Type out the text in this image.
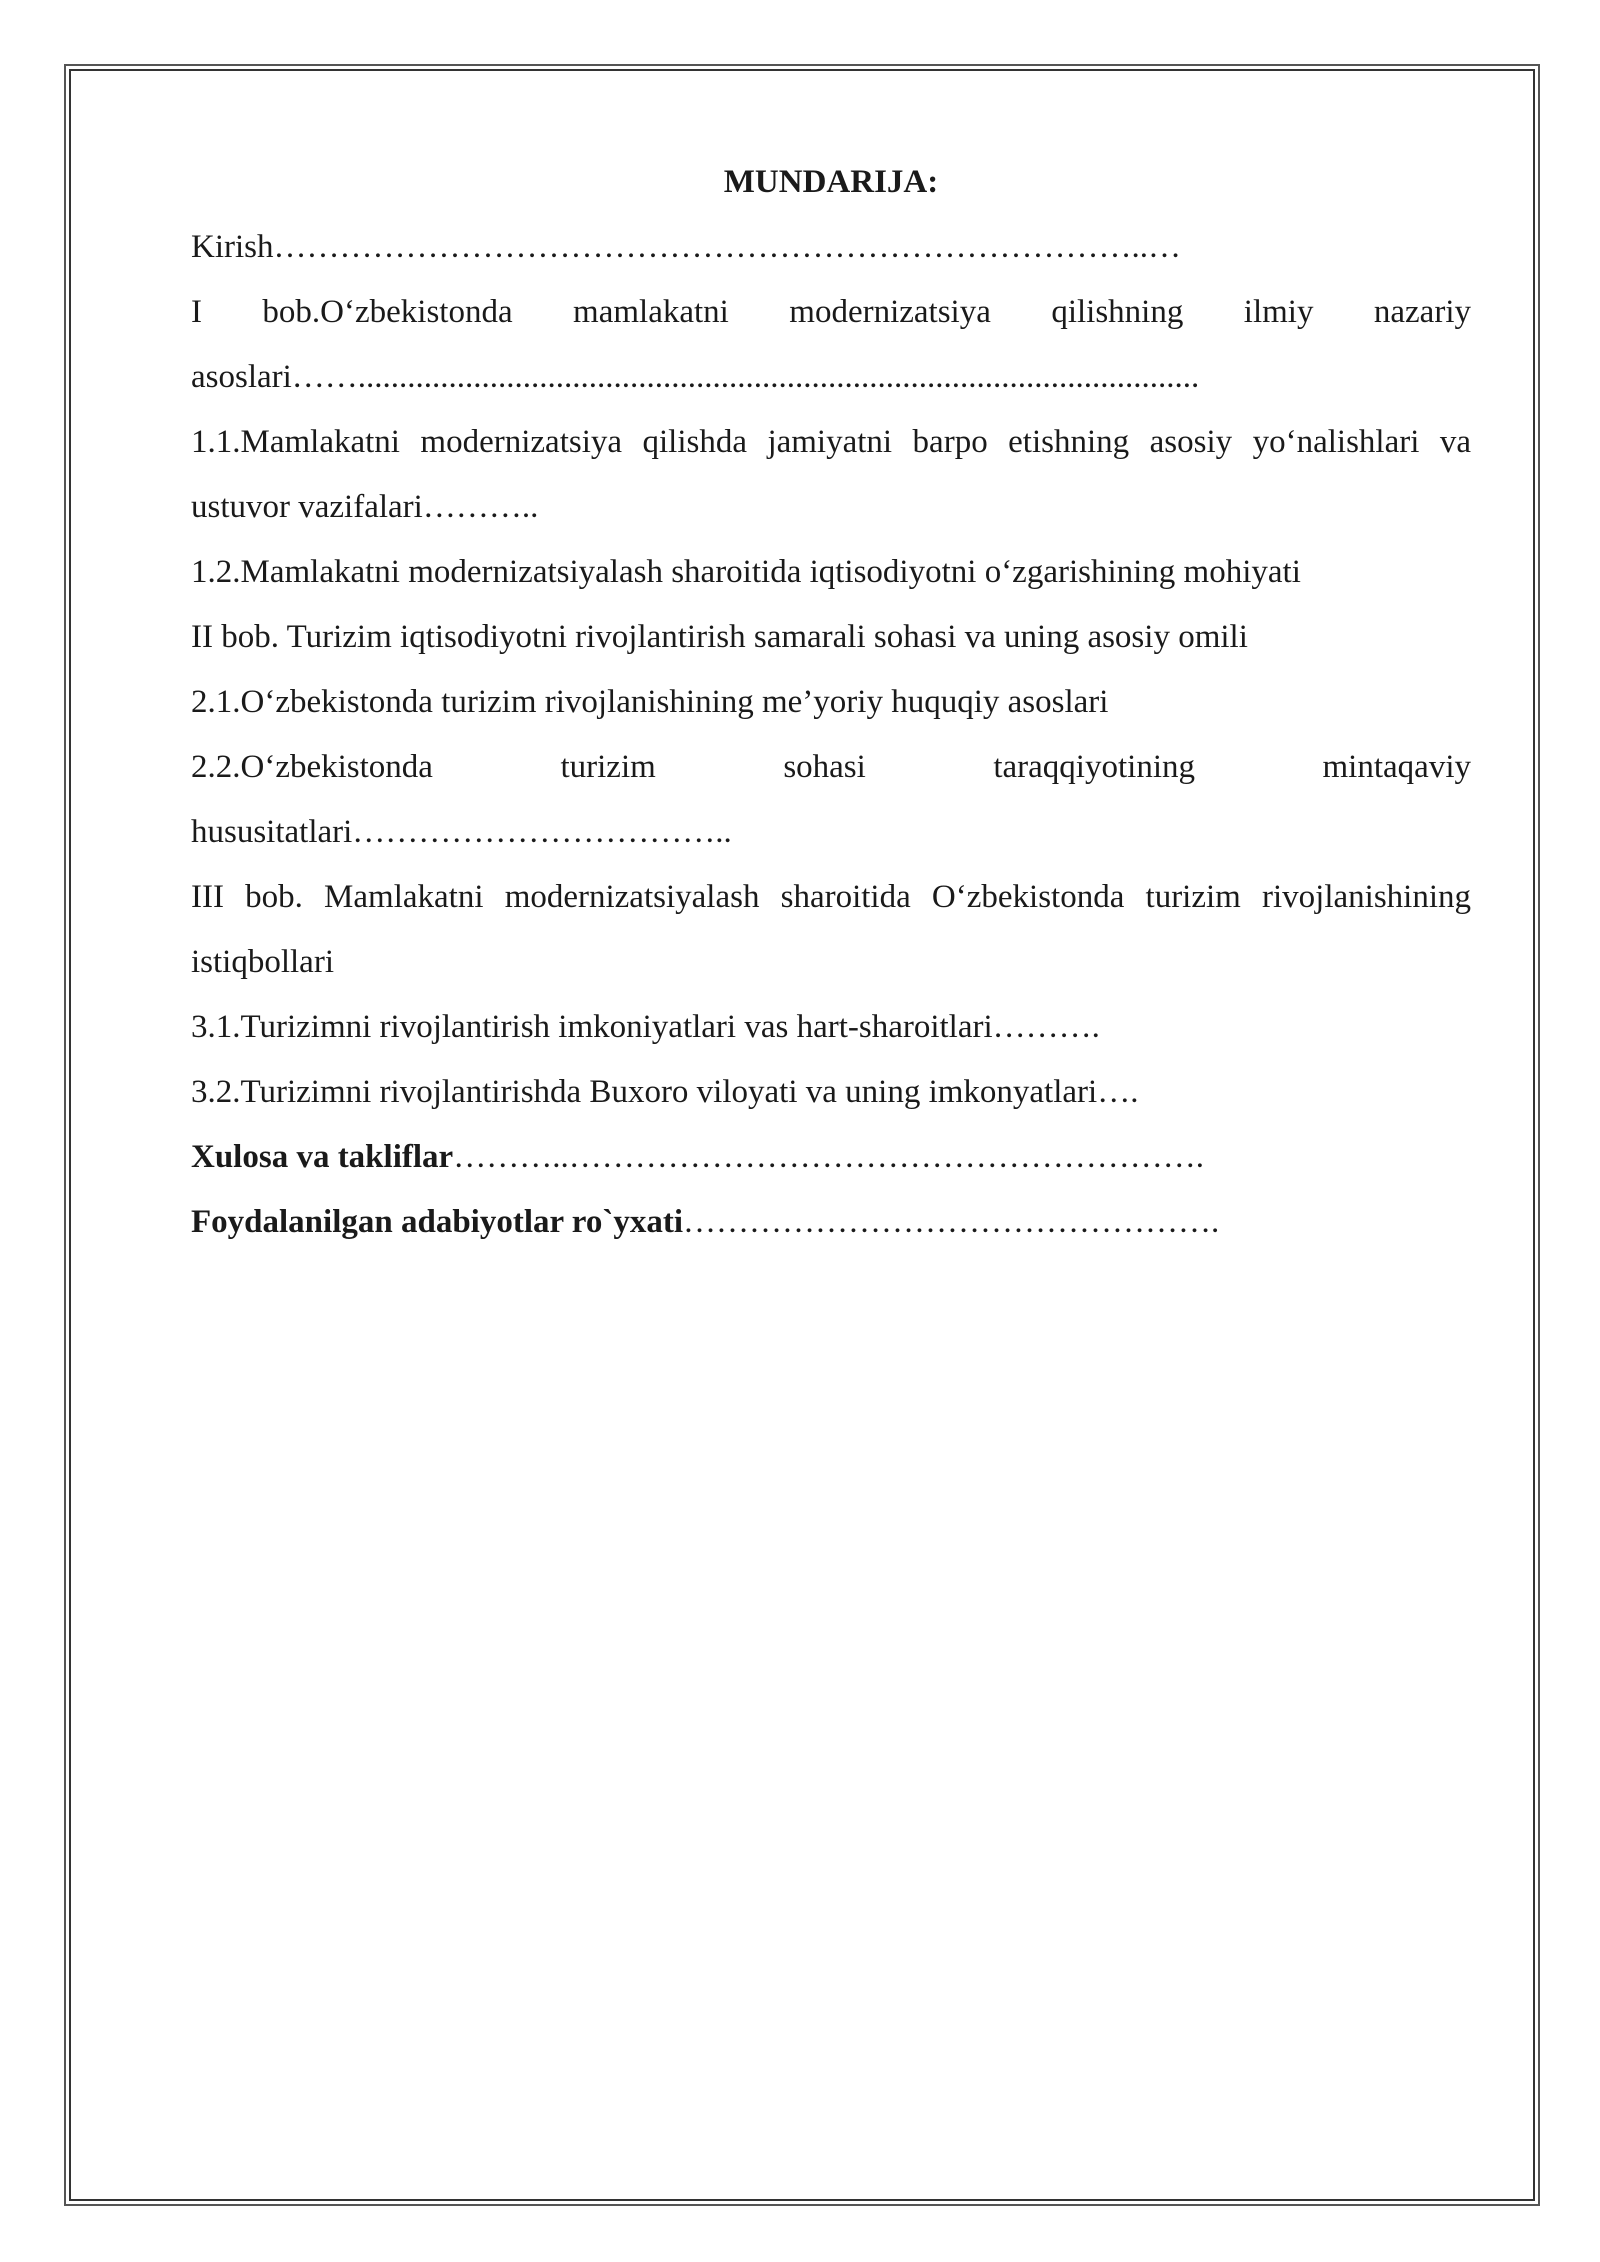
MUNDARIJA:

Kirish……………………………………………………………………..…

I bob.O‘zbekistonda mamlakatni modernizatsiya qilishning ilmiy nazariy asoslari……......................................................................................................

1.1.Mamlakatni modernizatsiya qilishda jamiyatni barpo etishning asosiy yo‘nalishlari va ustuvor vazifalari………..

1.2.Mamlakatni modernizatsiyalash sharoitida iqtisodiyotni o‘zgarishining mohiyati

II bob. Turizim iqtisodiyotni rivojlantirish samarali sohasi va uning asosiy omili

2.1.O‘zbekistonda turizim rivojlanishining me’yoriy huquqiy asoslari

2.2.O‘zbekistonda turizim sohasi taraqqiyotining mintaqaviy hususitatlari……………………………..

III bob. Mamlakatni modernizatsiyalash sharoitida O‘zbekistonda turizim rivojlanishining istiqbollari

3.1.Turizimni rivojlantirish imkoniyatlari vas hart-sharoitlari……….

3.2.Turizimni rivojlantirishda Buxoro viloyati va uning imkonyatlari….

Xulosa va takliflar………..………………………………………………….

Foydalanilgan adabiyotlar ro`yxati………………………………………….
